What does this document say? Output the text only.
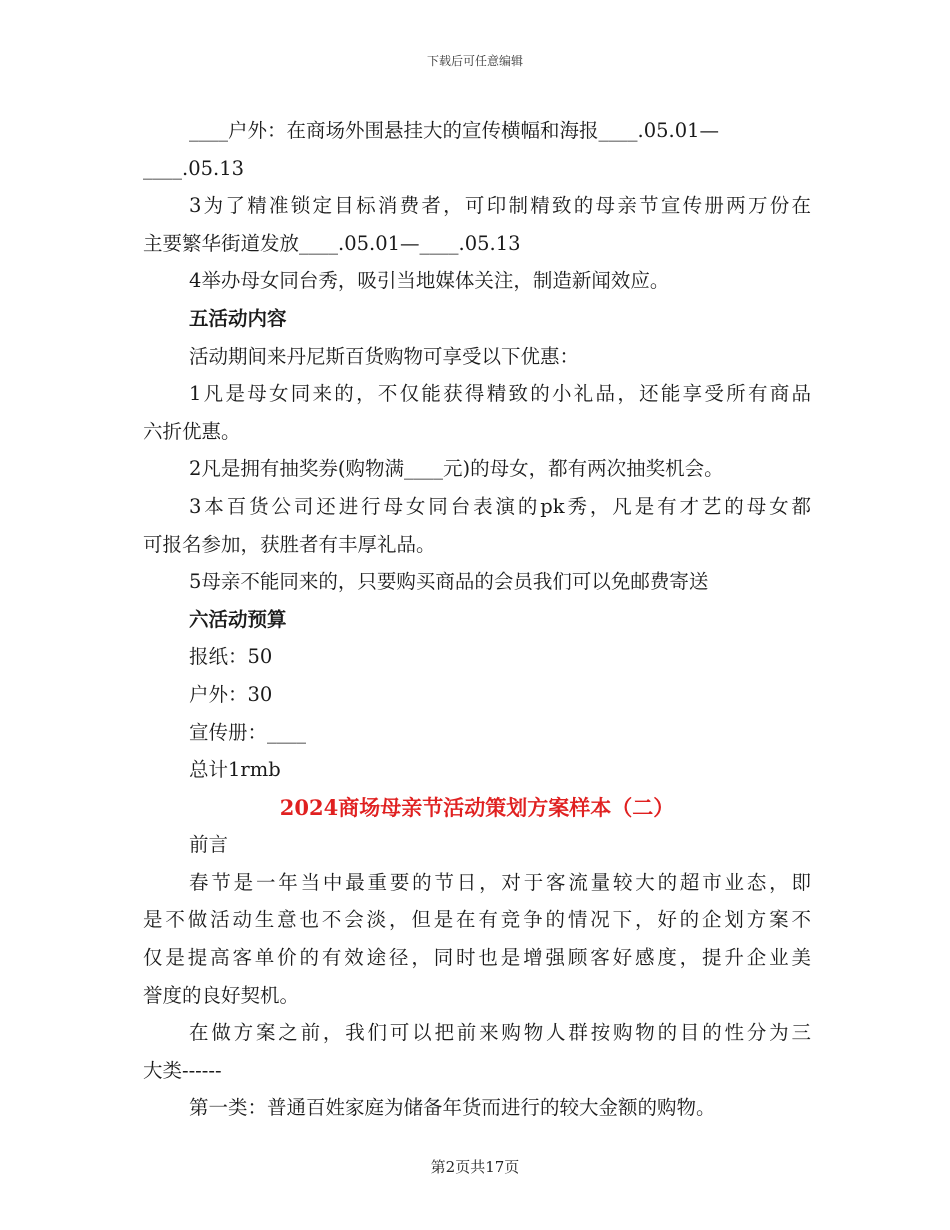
下载后可任意编辑
____户外：在商场外围悬挂大的宣传横幅和海报____.05.01—
____.05.13
3为了精准锁定目标消费者，可印制精致的母亲节宣传册两万份在
主要繁华街道发放____.05.01—____.05.13
4举办母女同台秀，吸引当地媒体关注，制造新闻效应。
五活动内容
活动期间来丹尼斯百货购物可享受以下优惠：
1凡是母女同来的，不仅能获得精致的小礼品，还能享受所有商品
六折优惠。
2凡是拥有抽奖券(购物满____元)的母女，都有两次抽奖机会。
3本百货公司还进行母女同台表演的pk秀，凡是有才艺的母女都
可报名参加，获胜者有丰厚礼品。
5母亲不能同来的，只要购买商品的会员我们可以免邮费寄送
六活动预算
报纸：50
户外：30
宣传册：____
总计1rmb
2024商场母亲节活动策划方案样本（二）
前言
春节是一年当中最重要的节日，对于客流量较大的超市业态，即
是不做活动生意也不会淡，但是在有竞争的情况下，好的企划方案不
仅是提高客单价的有效途径，同时也是增强顾客好感度，提升企业美
誉度的良好契机。
在做方案之前，我们可以把前来购物人群按购物的目的性分为三
大类------
第一类：普通百姓家庭为储备年货而进行的较大金额的购物。
第2页共17页
